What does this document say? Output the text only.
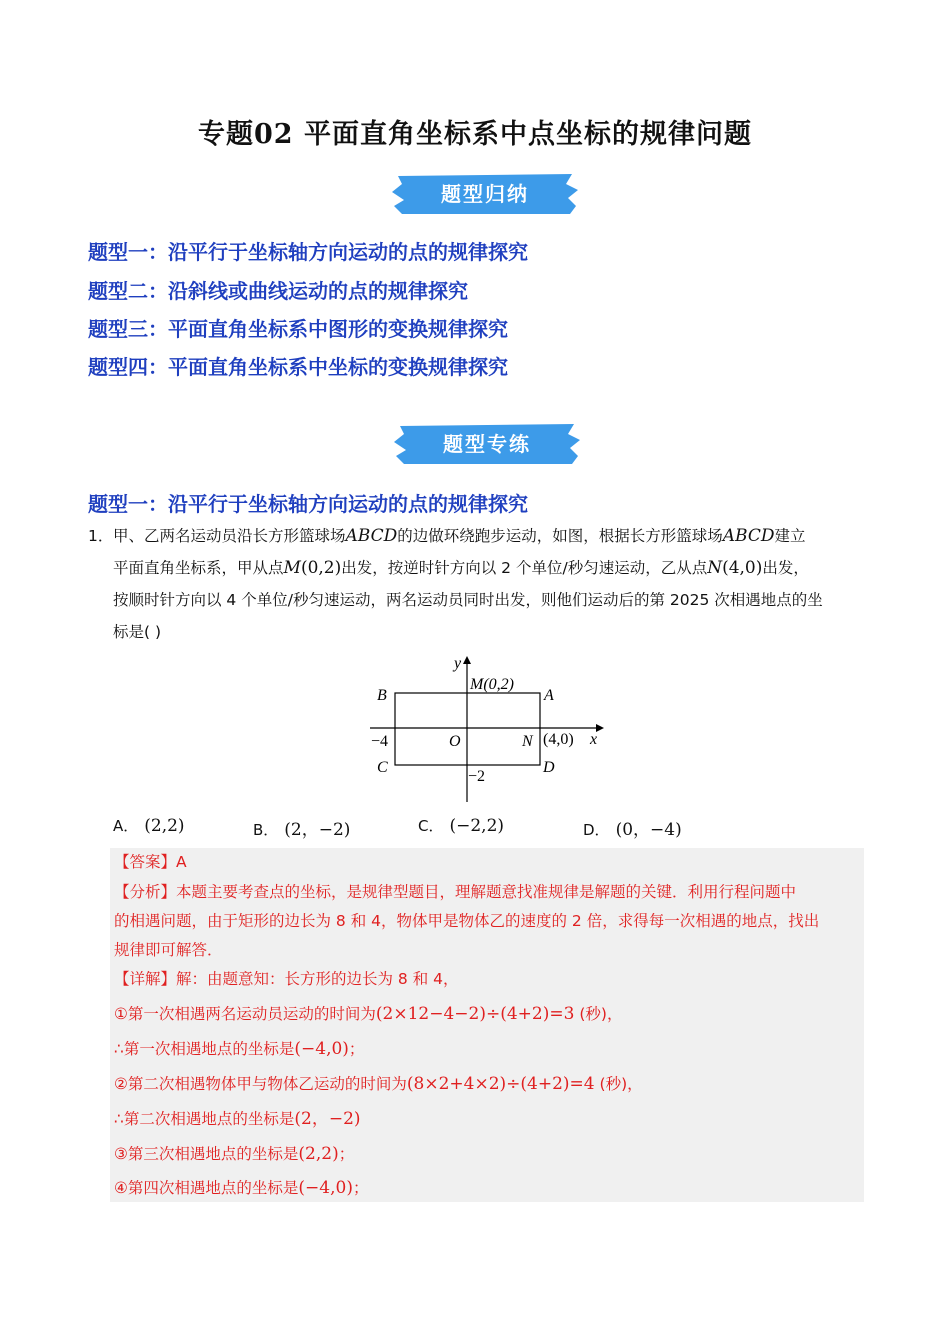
专题02 平面直角坐标系中点坐标的规律问题
题型归纳
题型一：沿平行于坐标轴方向运动的点的规律探究
题型二：沿斜线或曲线运动的点的规律探究
题型三：平面直角坐标系中图形的变换规律探究
题型四：平面直角坐标系中坐标的变换规律探究
题型专练
题型一：沿平行于坐标轴方向运动的点的规律探究
1． 甲、乙两名运动员沿长方形篮球场ABCD的边做环绕跑步运动，如图，根据长方形篮球场ABCD建立
平面直角坐标系，甲从点M(0,2)出发，按逆时针方向以 2 个单位/秒匀速运动，乙从点N(4,0)出发，
按顺时针方向以 4 个单位/秒匀速运动，两名运动员同时出发，则他们运动后的第 2025 次相遇地点的坐
标是( )
y
x
M(0,2)
A
B
C	D
O	N (4,0)
−4
−2
A． (2,2)	B． (2，−2)	C． (−2,2)	D． (0，−4)
【答案】A
【分析】本题主要考查点的坐标，是规律型题目，理解题意找准规律是解题的关键．利用行程问题中
的相遇问题，由于矩形的边长为 8 和 4，物体甲是物体乙的速度的 2 倍，求得每一次相遇的地点，找出
规律即可解答．
【详解】解：由题意知：长方形的边长为 8 和 4，
①第一次相遇两名运动员运动的时间为(2×12−4−2)÷(4+2)=3 (秒)，
∴第一次相遇地点的坐标是(−4,0)；
②第二次相遇物体甲与物体乙运动的时间为(8×2+4×2)÷(4+2)=4 (秒)，
∴第二次相遇地点的坐标是(2，−2)
③第三次相遇地点的坐标是(2,2)；
④第四次相遇地点的坐标是(−4,0)；
